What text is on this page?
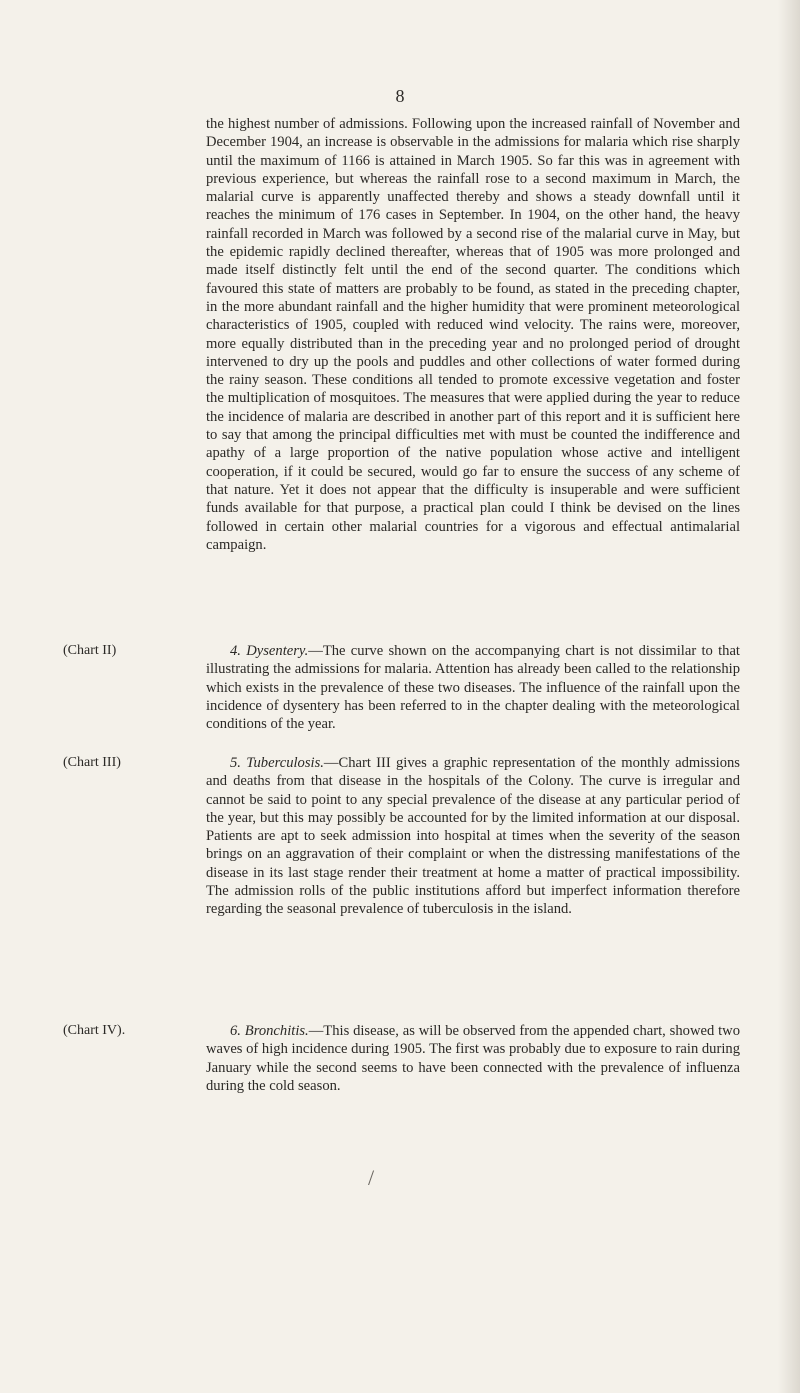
8

the highest number of admissions. Following upon the increased rainfall of November and December 1904, an increase is observable in the admissions for malaria which rise sharply until the maximum of 1166 is attained in March 1905. So far this was in agreement with previous experience, but whereas the rainfall rose to a second maximum in March, the malarial curve is apparently unaffected thereby and shows a steady downfall until it reaches the minimum of 176 cases in September. In 1904, on the other hand, the heavy rainfall recorded in March was followed by a second rise of the malarial curve in May, but the epidemic rapidly declined thereafter, whereas that of 1905 was more prolonged and made itself distinctly felt until the end of the second quarter. The conditions which favoured this state of matters are probably to be found, as stated in the preceding chapter, in the more abundant rainfall and the higher humidity that were prominent meteorological characteristics of 1905, coupled with reduced wind velocity. The rains were, moreover, more equally distributed than in the preceding year and no prolonged period of drought intervened to dry up the pools and puddles and other collections of water formed during the rainy season. These conditions all tended to promote excessive vegetation and foster the multiplication of mosquitoes. The measures that were applied during the year to reduce the incidence of malaria are described in another part of this report and it is sufficient here to say that among the principal difficulties met with must be counted the indifference and apathy of a large proportion of the native population whose active and intelligent cooperation, if it could be secured, would go far to ensure the success of any scheme of that nature. Yet it does not appear that the difficulty is insuperable and were sufficient funds available for that purpose, a practical plan could I think be devised on the lines followed in certain other malarial countries for a vigorous and effectual antimalarial campaign.

(Chart II)	4. Dysentery.—The curve shown on the accompanying chart is not dissimilar to that illustrating the admissions for malaria. Attention has already been called to the relationship which exists in the prevalence of these two diseases. The influence of the rainfall upon the incidence of dysentery has been referred to in the chapter dealing with the meteorological conditions of the year.

(Chart III)	5. Tuberculosis.—Chart III gives a graphic representation of the monthly admissions and deaths from that disease in the hospitals of the Colony. The curve is irregular and cannot be said to point to any special prevalence of the disease at any particular period of the year, but this may possibly be accounted for by the limited information at our disposal. Patients are apt to seek admission into hospital at times when the severity of the season brings on an aggravation of their complaint or when the distressing manifestations of the disease in its last stage render their treatment at home a matter of practical impossibility. The admission rolls of the public institutions afford but imperfect information therefore regarding the seasonal prevalence of tuberculosis in the island.

(Chart IV).	6. Bronchitis.—This disease, as will be observed from the appended chart, showed two waves of high incidence during 1905. The first was probably due to exposure to rain during January while the second seems to have been connected with the prevalence of influenza during the cold season.

/
